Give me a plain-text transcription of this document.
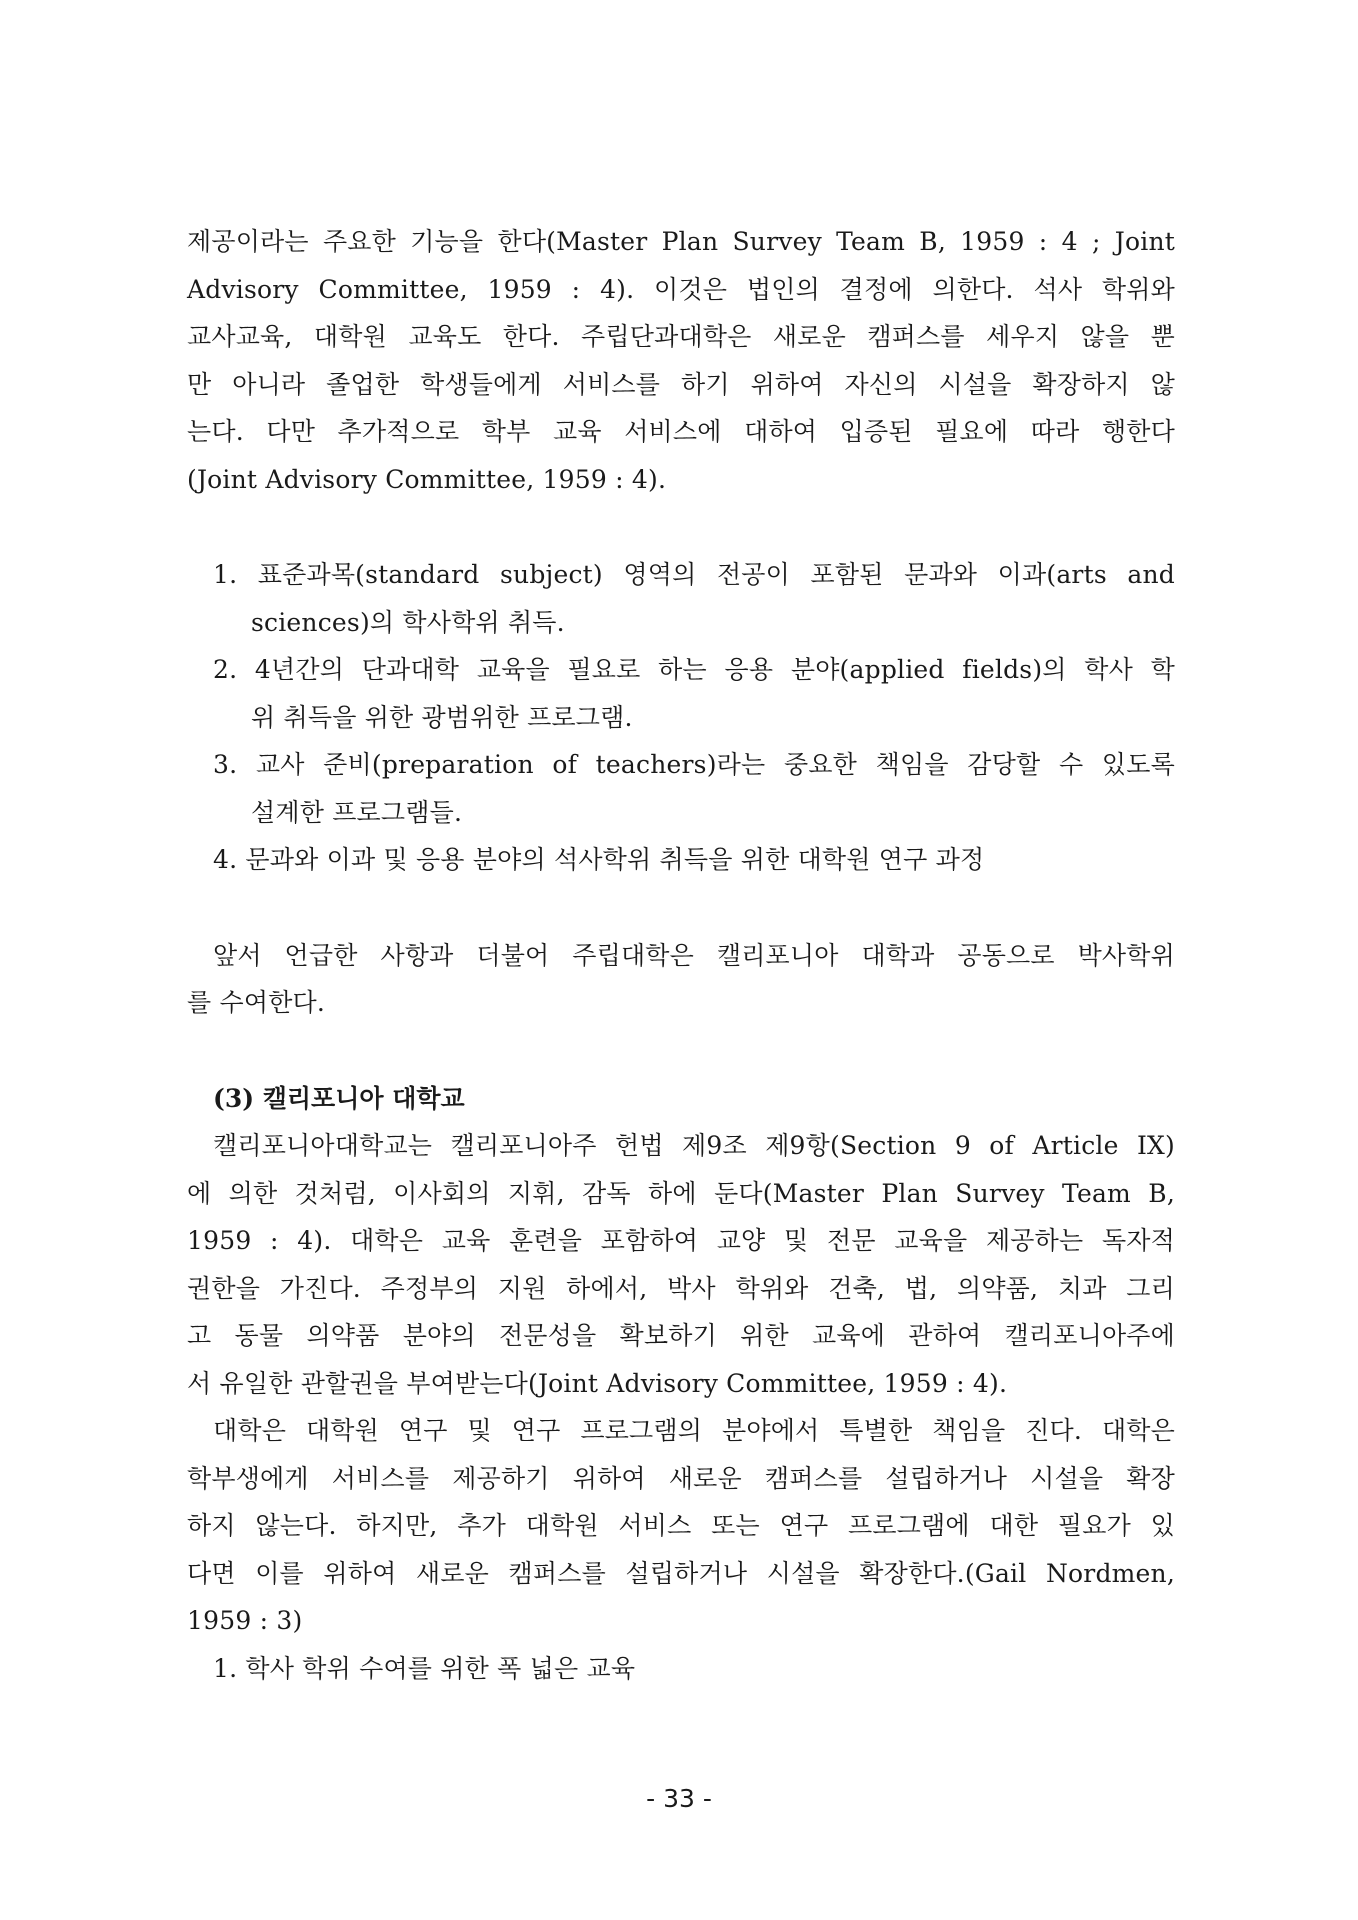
제공이라는 주요한 기능을 한다(Master Plan Survey Team B, 1959 : 4 ; Joint
Advisory Committee, 1959 : 4). 이것은 법인의 결정에 의한다. 석사 학위와
교사교육, 대학원 교육도 한다. 주립단과대학은 새로운 캠퍼스를 세우지 않을 뿐
만 아니라 졸업한 학생들에게 서비스를 하기 위하여 자신의 시설을 확장하지 않
는다. 다만 추가적으로 학부 교육 서비스에 대하여 입증된 필요에 따라 행한다
(Joint Advisory Committee, 1959 : 4).
1. 표준과목(standard subject) 영역의 전공이 포함된 문과와 이과(arts and
sciences)의 학사학위 취득.
2. 4년간의 단과대학 교육을 필요로 하는 응용 분야(applied fields)의 학사 학
위 취득을 위한 광범위한 프로그램.
3. 교사 준비(preparation of teachers)라는 중요한 책임을 감당할 수 있도록
설계한 프로그램들.
4. 문과와 이과 및 응용 분야의 석사학위 취득을 위한 대학원 연구 과정
앞서 언급한 사항과 더불어 주립대학은 캘리포니아 대학과 공동으로 박사학위
를 수여한다.
(3) 캘리포니아 대학교
캘리포니아대학교는 캘리포니아주 헌법 제9조 제9항(Section 9 of Article IX)
에 의한 것처럼, 이사회의 지휘, 감독 하에 둔다(Master Plan Survey Team B,
1959 : 4). 대학은 교육 훈련을 포함하여 교양 및 전문 교육을 제공하는 독자적
권한을 가진다. 주정부의 지원 하에서, 박사 학위와 건축, 법, 의약품, 치과 그리
고 동물 의약품 분야의 전문성을 확보하기 위한 교육에 관하여 캘리포니아주에
서 유일한 관할권을 부여받는다(Joint Advisory Committee, 1959 : 4).
대학은 대학원 연구 및 연구 프로그램의 분야에서 특별한 책임을 진다. 대학은
학부생에게 서비스를 제공하기 위하여 새로운 캠퍼스를 설립하거나 시설을 확장
하지 않는다. 하지만, 추가 대학원 서비스 또는 연구 프로그램에 대한 필요가 있
다면 이를 위하여 새로운 캠퍼스를 설립하거나 시설을 확장한다.(Gail Nordmen,
1959 : 3)
1. 학사 학위 수여를 위한 폭 넓은 교육
- 33 -
